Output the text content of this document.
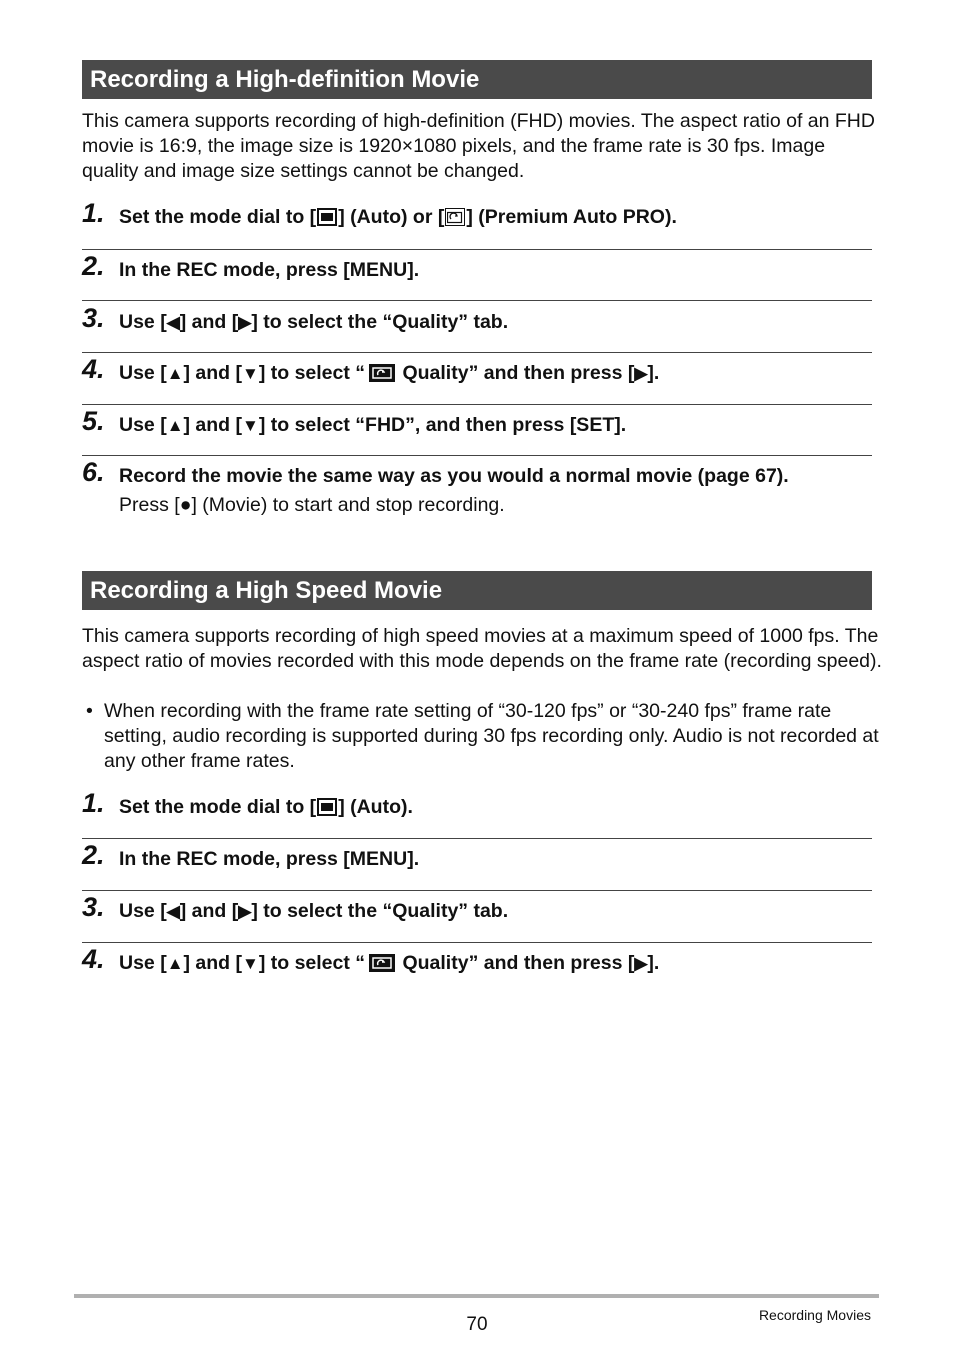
Recording a High-definition Movie

This camera supports recording of high-definition (FHD) movies. The aspect ratio of an FHD movie is 16:9, the image size is 1920×1080 pixels, and the frame rate is 30 fps. Image quality and image size settings cannot be changed.

1. Set the mode dial to [ ] (Auto) or [ ] (Premium Auto PRO).
2. In the REC mode, press [MENU].
3. Use [◀] and [▶] to select the “Quality” tab.
4. Use [▲] and [▼] to select “
Quality” and then press [▶].
5. Use [▲] and [▼] to select “FHD”, and then press [SET].
6. Record the movie the same way as you would a normal movie (page 67).
Press [●] (Movie) to start and stop recording.
Recording a High Speed Movie

This camera supports recording of high speed movies at a maximum speed of 1000 fps. The aspect ratio of movies recorded with this mode depends on the frame rate (recording speed).

• When recording with the frame rate setting of “30-120 fps” or “30-240 fps” frame rate setting, audio recording is supported during 30 fps recording only. Audio is not recorded at any other frame rates.
1. Set the mode dial to [ ] (Auto).
2. In the REC mode, press [MENU].
3. Use [◀] and [▶] to select the “Quality” tab.
4. Use [▲] and [▼] to select “
Quality” and then press [▶].
70	Recording Movies
